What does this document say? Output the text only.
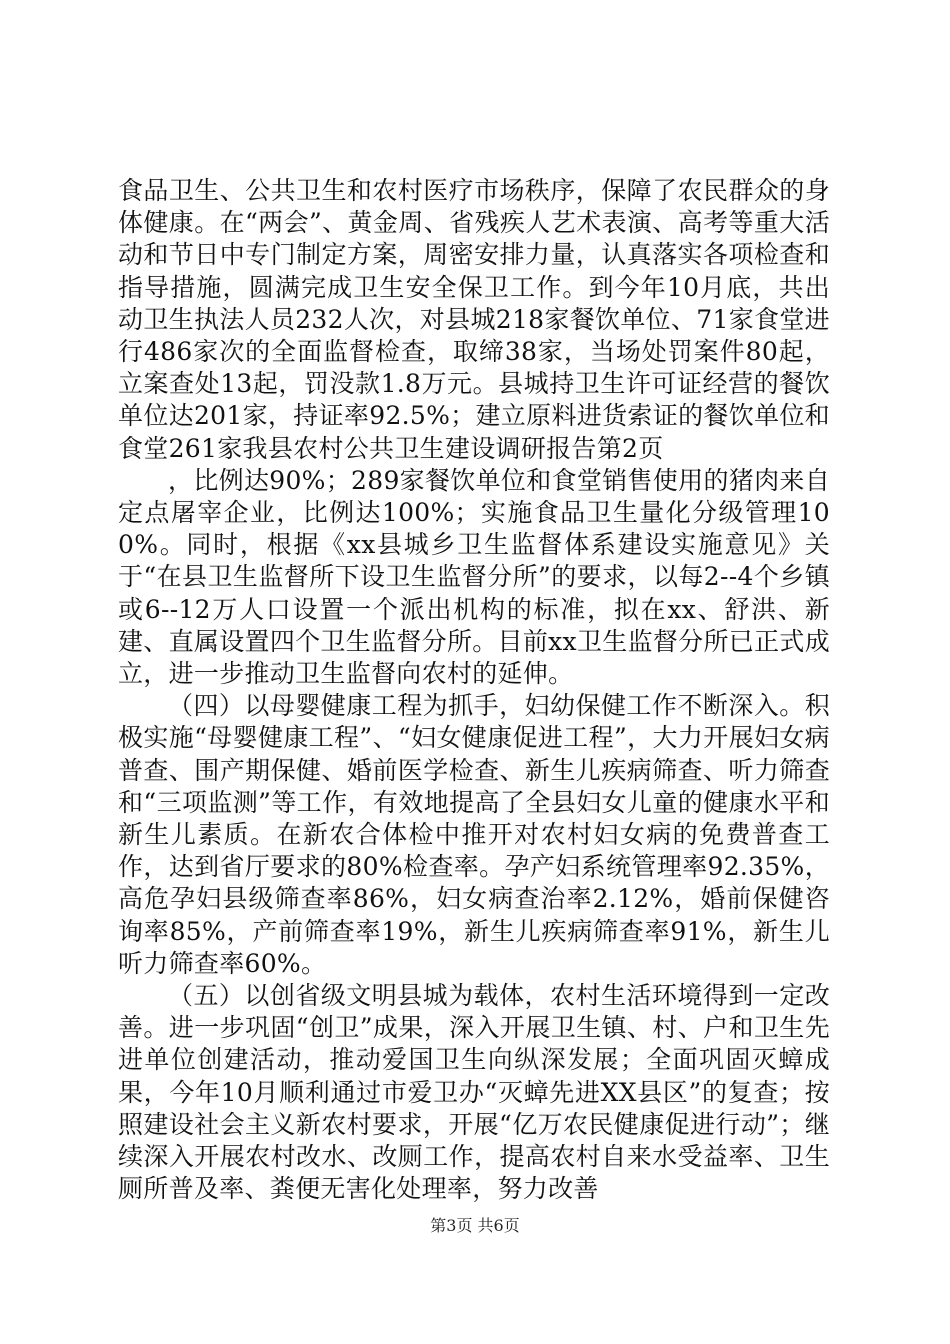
食品卫生、公共卫生和农村医疗市场秩序，保障了农民群众的身体健康。在“两会”、黄金周、省残疾人艺术表演、高考等重大活动和节日中专门制定方案，周密安排力量，认真落实各项检查和指导措施，圆满完成卫生安全保卫工作。到今年10月底，共出动卫生执法人员232人次，对县城218家餐饮单位、71家食堂进行486家次的全面监督检查，取缔38家，当场处罚案件80起，立案查处13起，罚没款1.8万元。县城持卫生许可证经营的餐饮单位达201家，持证率92.5%；建立原料进货索证的餐饮单位和食堂261家我县农村公共卫生建设调研报告第2页

，比例达90%；289家餐饮单位和食堂销售使用的猪肉来自定点屠宰企业，比例达100%；实施食品卫生量化分级管理100%。同时，根据《xx县城乡卫生监督体系建设实施意见》关于“在县卫生监督所下设卫生监督分所”的要求，以每2--4个乡镇或6--12万人口设置一个派出机构的标准，拟在xx、舒洪、新建、直属设置四个卫生监督分所。目前xx卫生监督分所已正式成立，进一步推动卫生监督向农村的延伸。

（四）以母婴健康工程为抓手，妇幼保健工作不断深入。积极实施“母婴健康工程”、“妇女健康促进工程”，大力开展妇女病普查、围产期保健、婚前医学检查、新生儿疾病筛查、听力筛查和“三项监测”等工作，有效地提高了全县妇女儿童的健康水平和新生儿素质。在新农合体检中推开对农村妇女病的免费普查工作，达到省厅要求的80%检查率。孕产妇系统管理率92.35%，高危孕妇县级筛查率86%，妇女病查治率2.12%，婚前保健咨询率85%，产前筛查率19%，新生儿疾病筛查率91%，新生儿听力筛查率60%。

（五）以创省级文明县城为载体，农村生活环境得到一定改善。进一步巩固“创卫”成果，深入开展卫生镇、村、户和卫生先进单位创建活动，推动爱国卫生向纵深发展；全面巩固灭蟑成果，今年10月顺利通过市爱卫办“灭蟑先进XX县区”的复查；按照建设社会主义新农村要求，开展“亿万农民健康促进行动”；继续深入开展农村改水、改厕工作，提高农村自来水受益率、卫生厕所普及率、粪便无害化处理率，努力改善

第3页 共6页
